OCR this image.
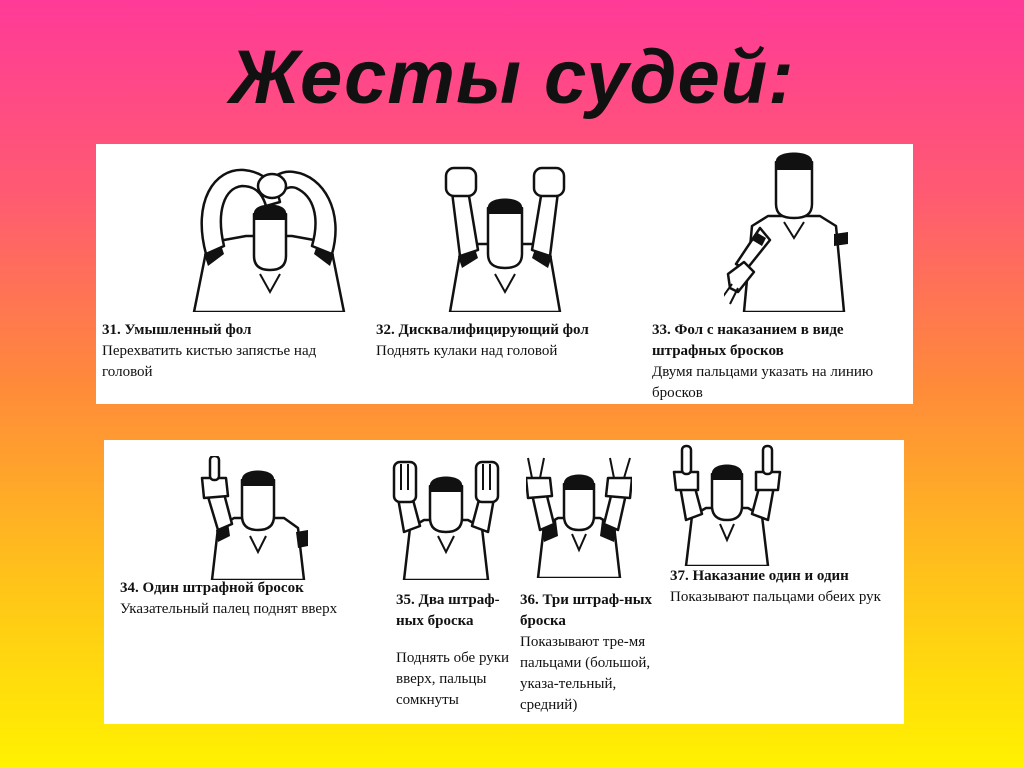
Жесты судей:
31. Умышленный фол
Перехватить кистью запястье над головой
32. Дисквалифицирующий фол
Поднять кулаки над головой
33. Фол с наказанием в виде штрафных бросков
Двумя пальцами указать на линию бросков
34. Один штрафной бросок
Указательный палец поднят вверх
35. Два штраф-ных броска
Поднять обе руки вверх, пальцы сомкнуты
36. Три штраф-ных броска
Показывают тре-мя пальцами (большой, указа-тельный, средний)
37. Наказание один и один
Показывают пальцами обеих рук
